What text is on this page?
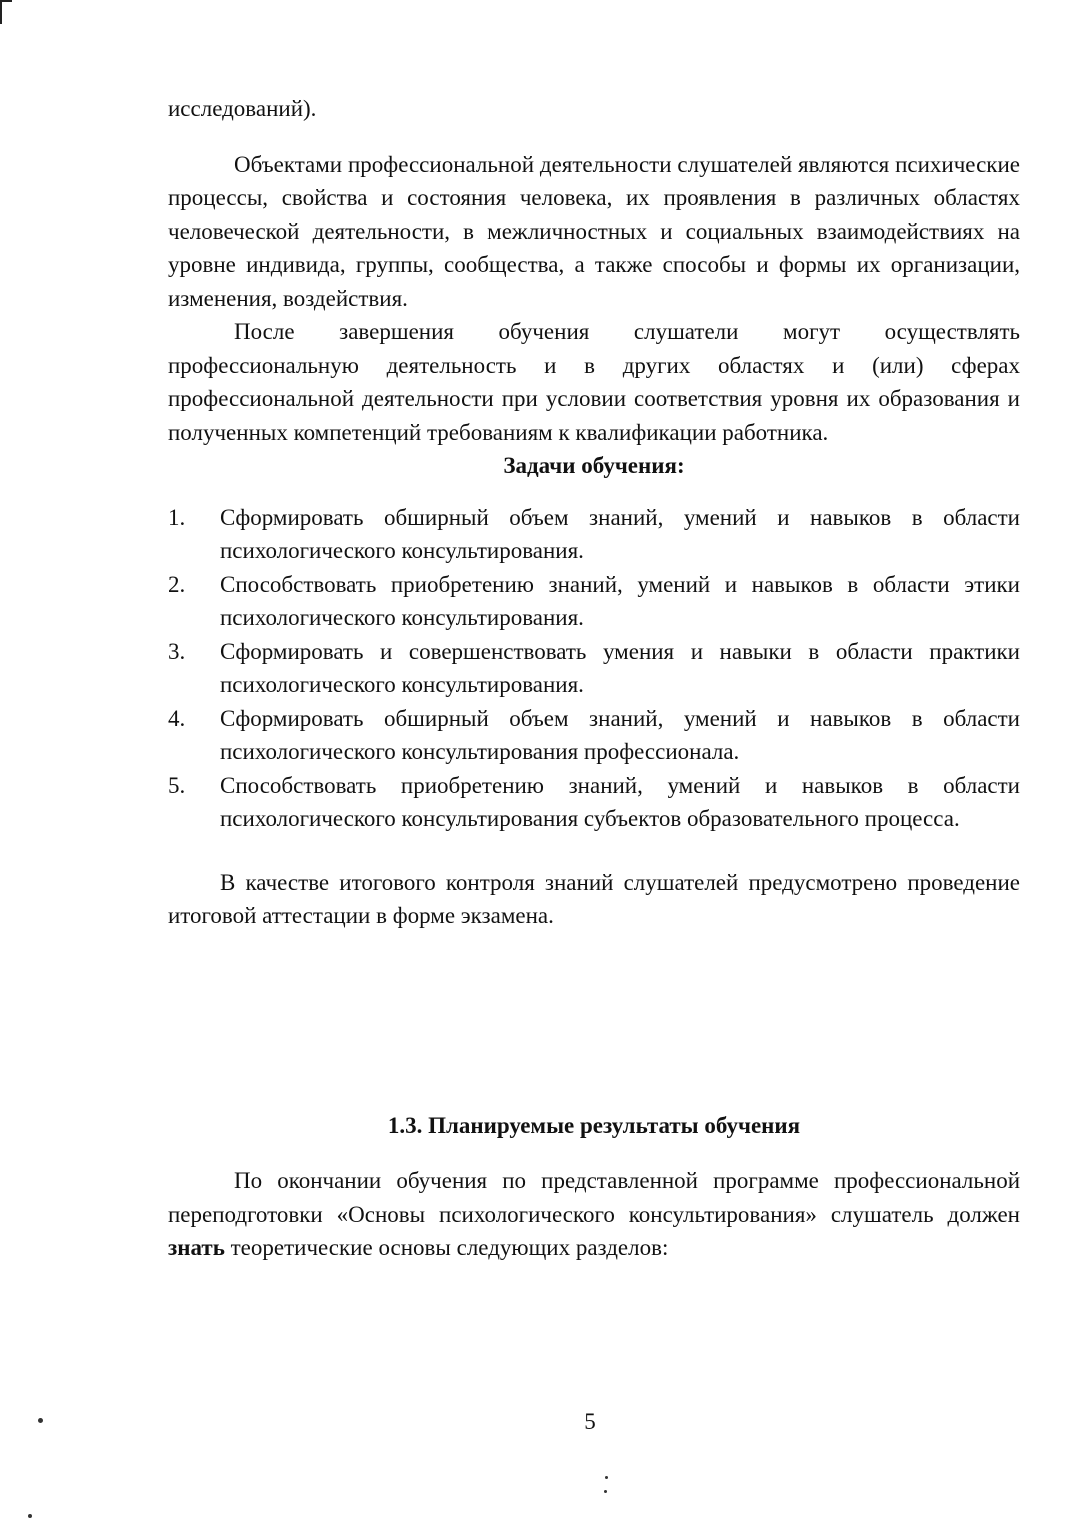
исследований).

Объектами профессиональной деятельности слушателей являются психические процессы, свойства и состояния человека, их проявления в различных областях человеческой деятельности, в межличностных и социальных взаимодействиях на уровне индивида, группы, сообщества, а также способы и формы их организации, изменения, воздействия.

После завершения обучения слушатели могут осуществлять профессиональную деятельность и в других областях и (или) сферах профессиональной деятельности при условии соответствия уровня их образования и полученных компетенций требованиям к квалификации работника.

Задачи обучения:

1. Сформировать обширный объем знаний, умений и навыков в области психологического консультирования.
2. Способствовать приобретению знаний, умений и навыков в области этики психологического консультирования.
3. Сформировать и совершенствовать умения и навыки в области практики психологического консультирования.
4. Сформировать обширный объем знаний, умений и навыков в области психологического консультирования профессионала.
5. Способствовать приобретению знаний, умений и навыков в области психологического консультирования субъектов образовательного процесса.

В качестве итогового контроля знаний слушателей предусмотрено проведение итоговой аттестации в форме экзамена.

1.3. Планируемые результаты обучения

По окончании обучения по представленной программе профессиональной переподготовки «Основы психологического консультирования» слушатель должен знать теоретические основы следующих разделов:

5
